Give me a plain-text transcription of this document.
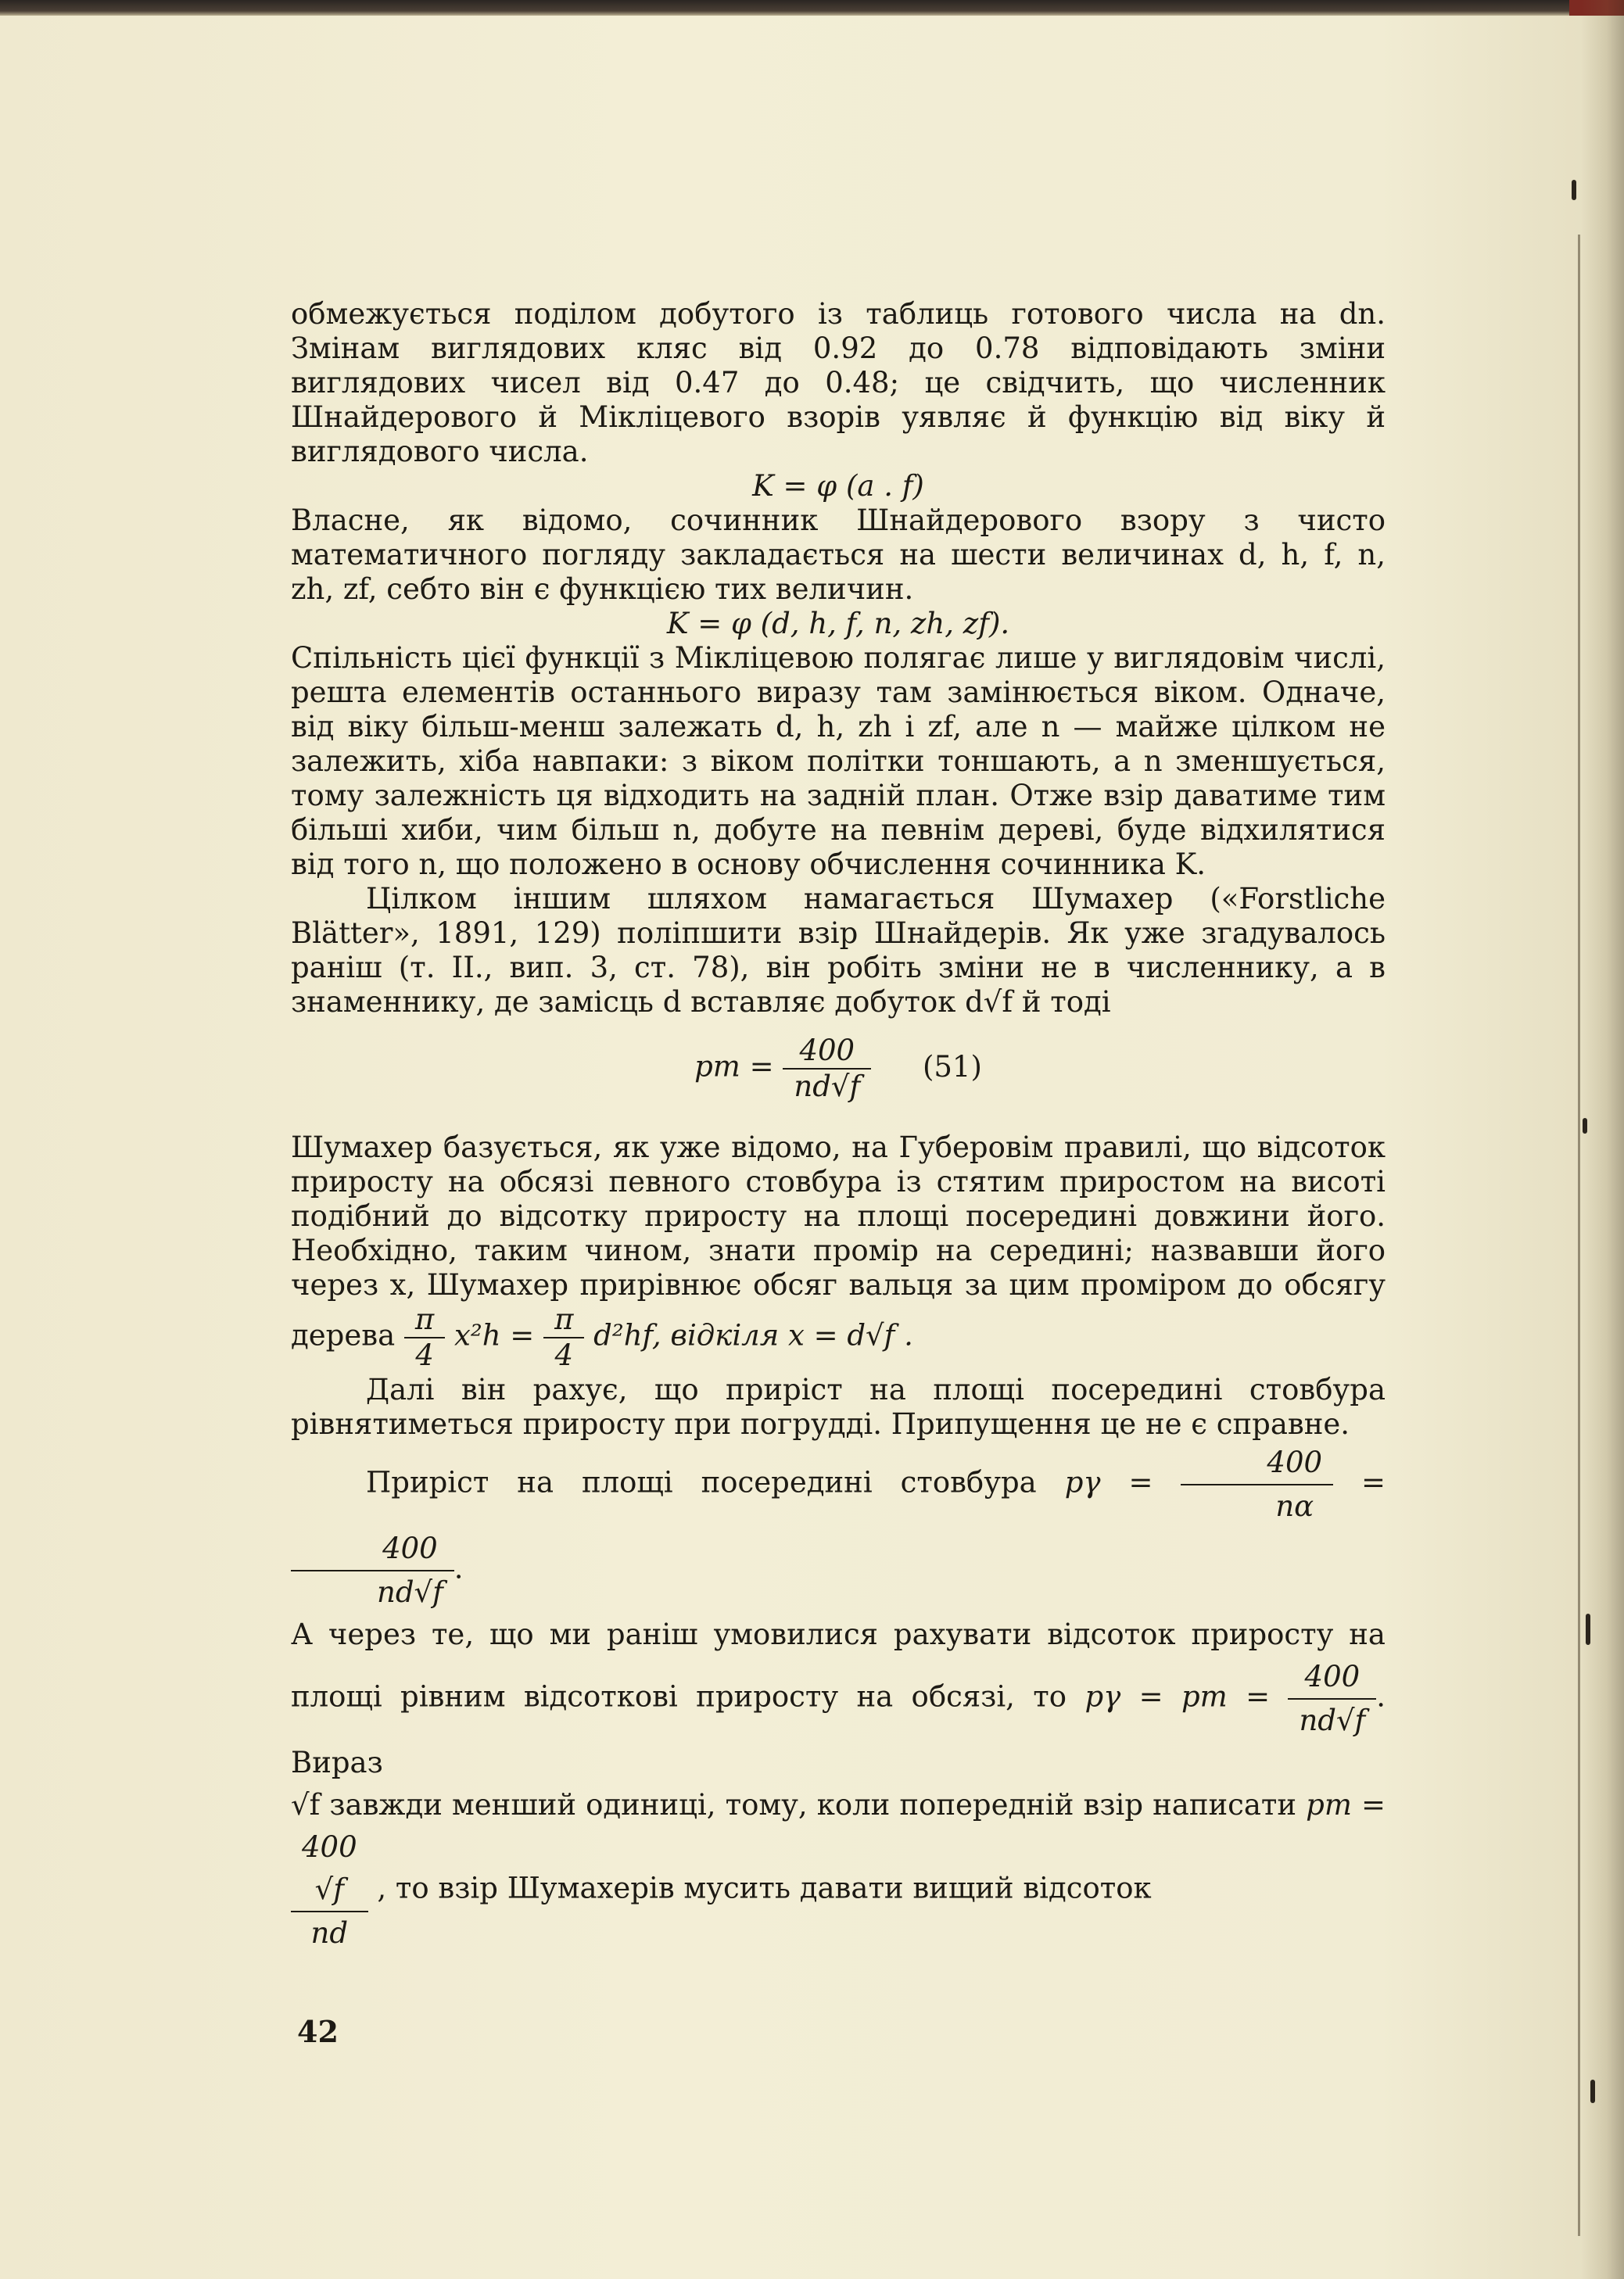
обмежується поділом добутого із таблиць готового числа на dn. Змінам виглядових кляс від 0.92 до 0.78 відповідають зміни виглядових чисел від 0.47 до 0.48; це свідчить, що численник Шнайдерового й Мікліцевого взорів уявляє й функцію від віку й виглядового числа.

K = φ (a . f)

Власне, як відомо, сочинник Шнайдерового взору з чисто математичного погляду закладається на шести величинах d, h, f, n, zh, zf, себто він є функцією тих величин.

K = φ (d, h, f, n, zh, zf).

Спільність цієї функції з Мікліцевою полягає лише у виглядовім числі, решта елементів останнього виразу там замінюється віком. Одначе, від віку більш-менш залежать d, h, zh і zf, але n — майже цілком не залежить, хіба навпаки: з віком політки тоншають, а n зменшується, тому залежність ця відходить на задній план. Отже взір даватиме тим більші хиби, чим більш n, добуте на певнім дереві, буде відхилятися від того n, що положено в основу обчислення сочинника K.

Цілком іншим шляхом намагається Шумахер («Forstliche Blätter», 1891, 129) поліпшити взір Шнайдерів. Як уже згадувалось раніш (т. II., вип. 3, ст. 78), він робіть зміни не в численнику, а в знаменнику, де замісць d вставляє добуток d√f й тоді

pm = $\frac{400}{nd√f} (51)$

Шумахер базується, як уже відомо, на Губеровім правилі, що відсоток приросту на обсязі певного стовбура із стятим приростом на висоті подібний до відсотку приросту на площі посередині довжини його. Необхідно, таким чином, знати промір на середині; назвавши його через x, Шумахер прирівнює обсяг вальця за цим проміром до обсягу дерева $\frac{\pi}{4} x^2h = \frac{\pi}{4} d^2hf$, відкіля x = d√f .

Далі він рахує, що приріст на площі посередині стовбура рівнятиметься приросту при погрудді. Припущення це не є справне.

Приріст на площі посередині стовбура $p\gamma = \frac{400}{n\alpha}$ =
$\frac{400}{nd√f}$ .

А через те, що ми раніш умовилися рахувати відсоток приросту на площі рівним відсоткові приросту на обсязі, то pγ = pm = $\frac{400}{nd√f}$ . Вираз

√f завжди менший одиниці, тому, коли попередній взір написати pm =
400
√f
nd
, то взір Шумахерів мусить давати вищий відсоток

42
